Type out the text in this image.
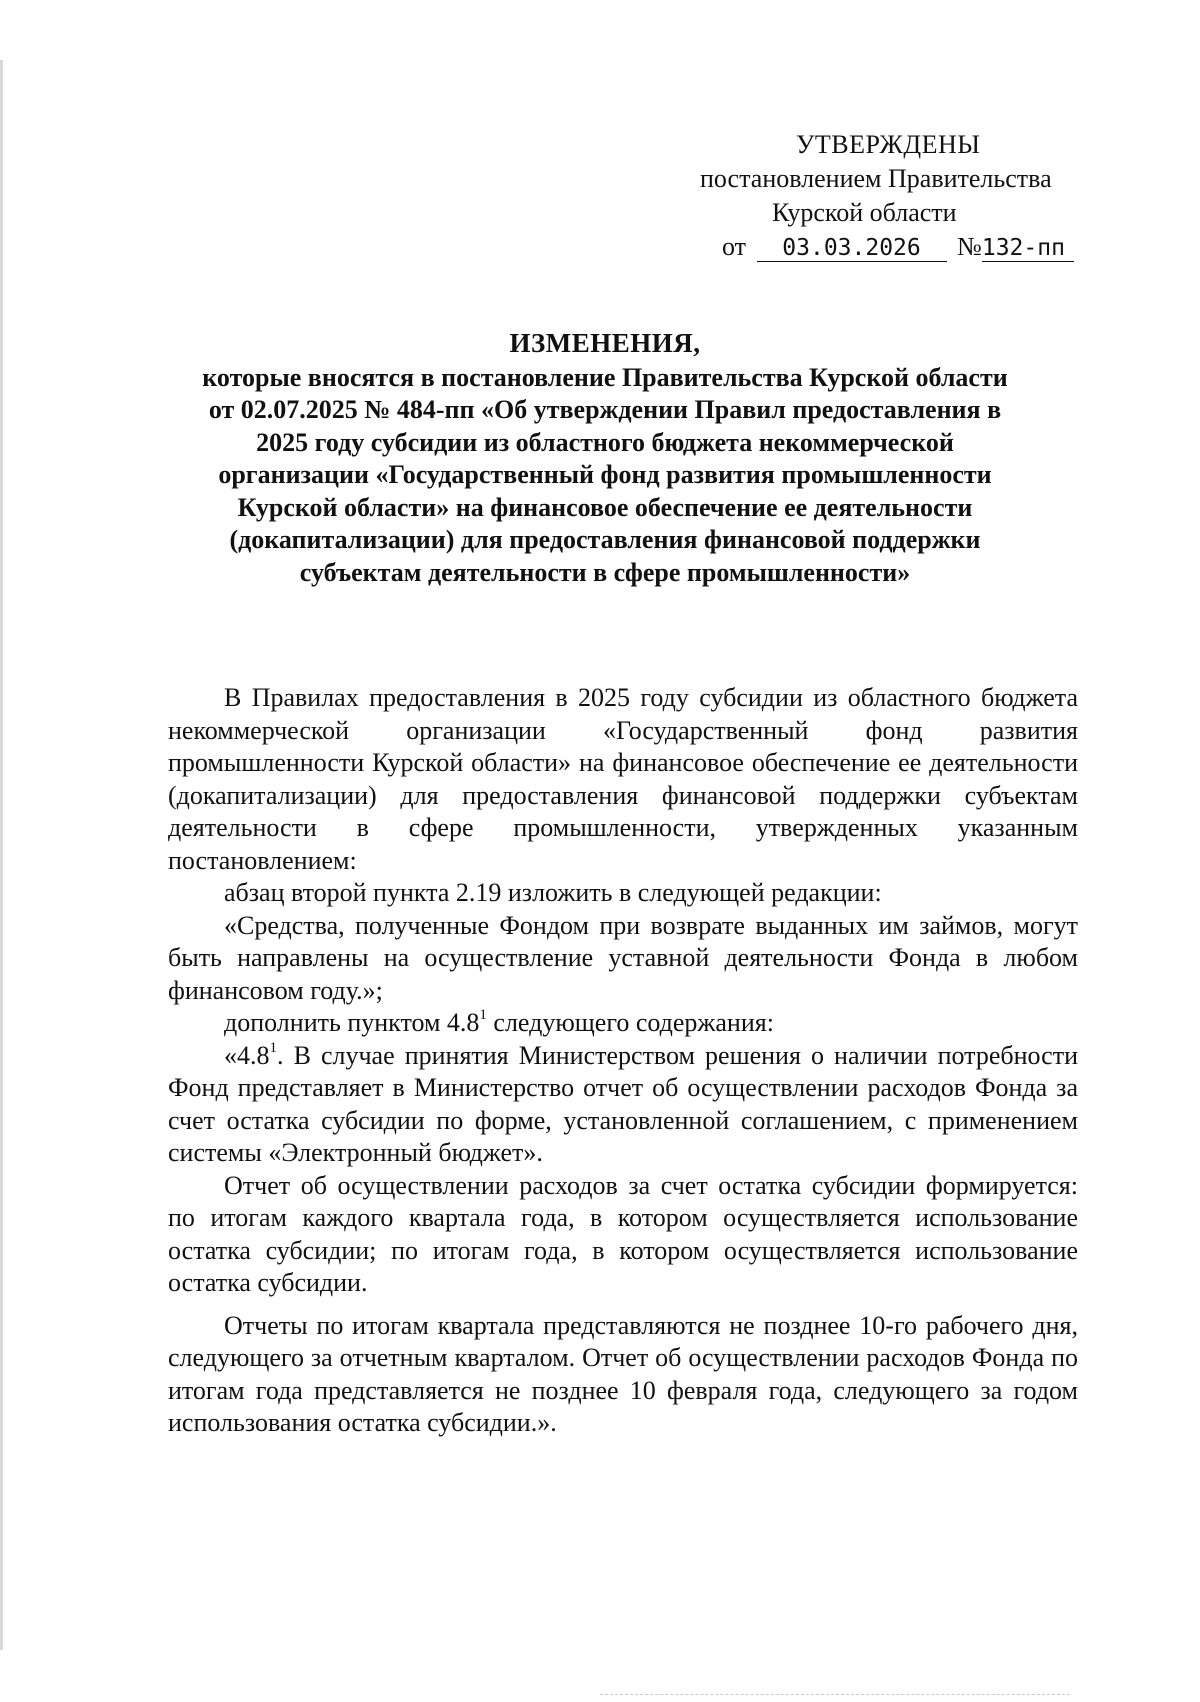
УТВЕРЖДЕНЫ
постановлением Правительства
Курской области
от 03.03.2026 №132-пп
ИЗМЕНЕНИЯ,
которые вносятся в постановление Правительства Курской области
от 02.07.2025 № 484-пп «Об утверждении Правил предоставления в
2025 году субсидии из областного бюджета некоммерческой
организации «Государственный фонд развития промышленности
Курской области» на финансовое обеспечение ее деятельности
(докапитализации) для предоставления финансовой поддержки
субъектам деятельности в сфере промышленности»

В Правилах предоставления в 2025 году субсидии из областного бюджета некоммерческой организации «Государственный фонд развития промышленности Курской области» на финансовое обеспечение ее деятельности (докапитализации) для предоставления финансовой поддержки субъектам деятельности в сфере промышленности, утвержденных указанным постановлением:

абзац второй пункта 2.19 изложить в следующей редакции:

«Средства, полученные Фондом при возврате выданных им займов, могут быть направлены на осуществление уставной деятельности Фонда в любом финансовом году.»;

дополнить пунктом $4.8^1$ следующего содержания:

«$4.8^1$. В случае принятия Министерством решения о наличии потребности Фонд представляет в Министерство отчет об осуществлении расходов Фонда за счет остатка субсидии по форме, установленной соглашением, с применением системы «Электронный бюджет».

Отчет об осуществлении расходов за счет остатка субсидии формируется: по итогам каждого квартала года, в котором осуществляется использование остатка субсидии; по итогам года, в котором осуществляется использование остатка субсидии.

Отчеты по итогам квартала представляются не позднее 10-го рабочего дня, следующего за отчетным кварталом. Отчет об осуществлении расходов Фонда по итогам года представляется не позднее 10 февраля года, следующего за годом использования остатка субсидии.».
